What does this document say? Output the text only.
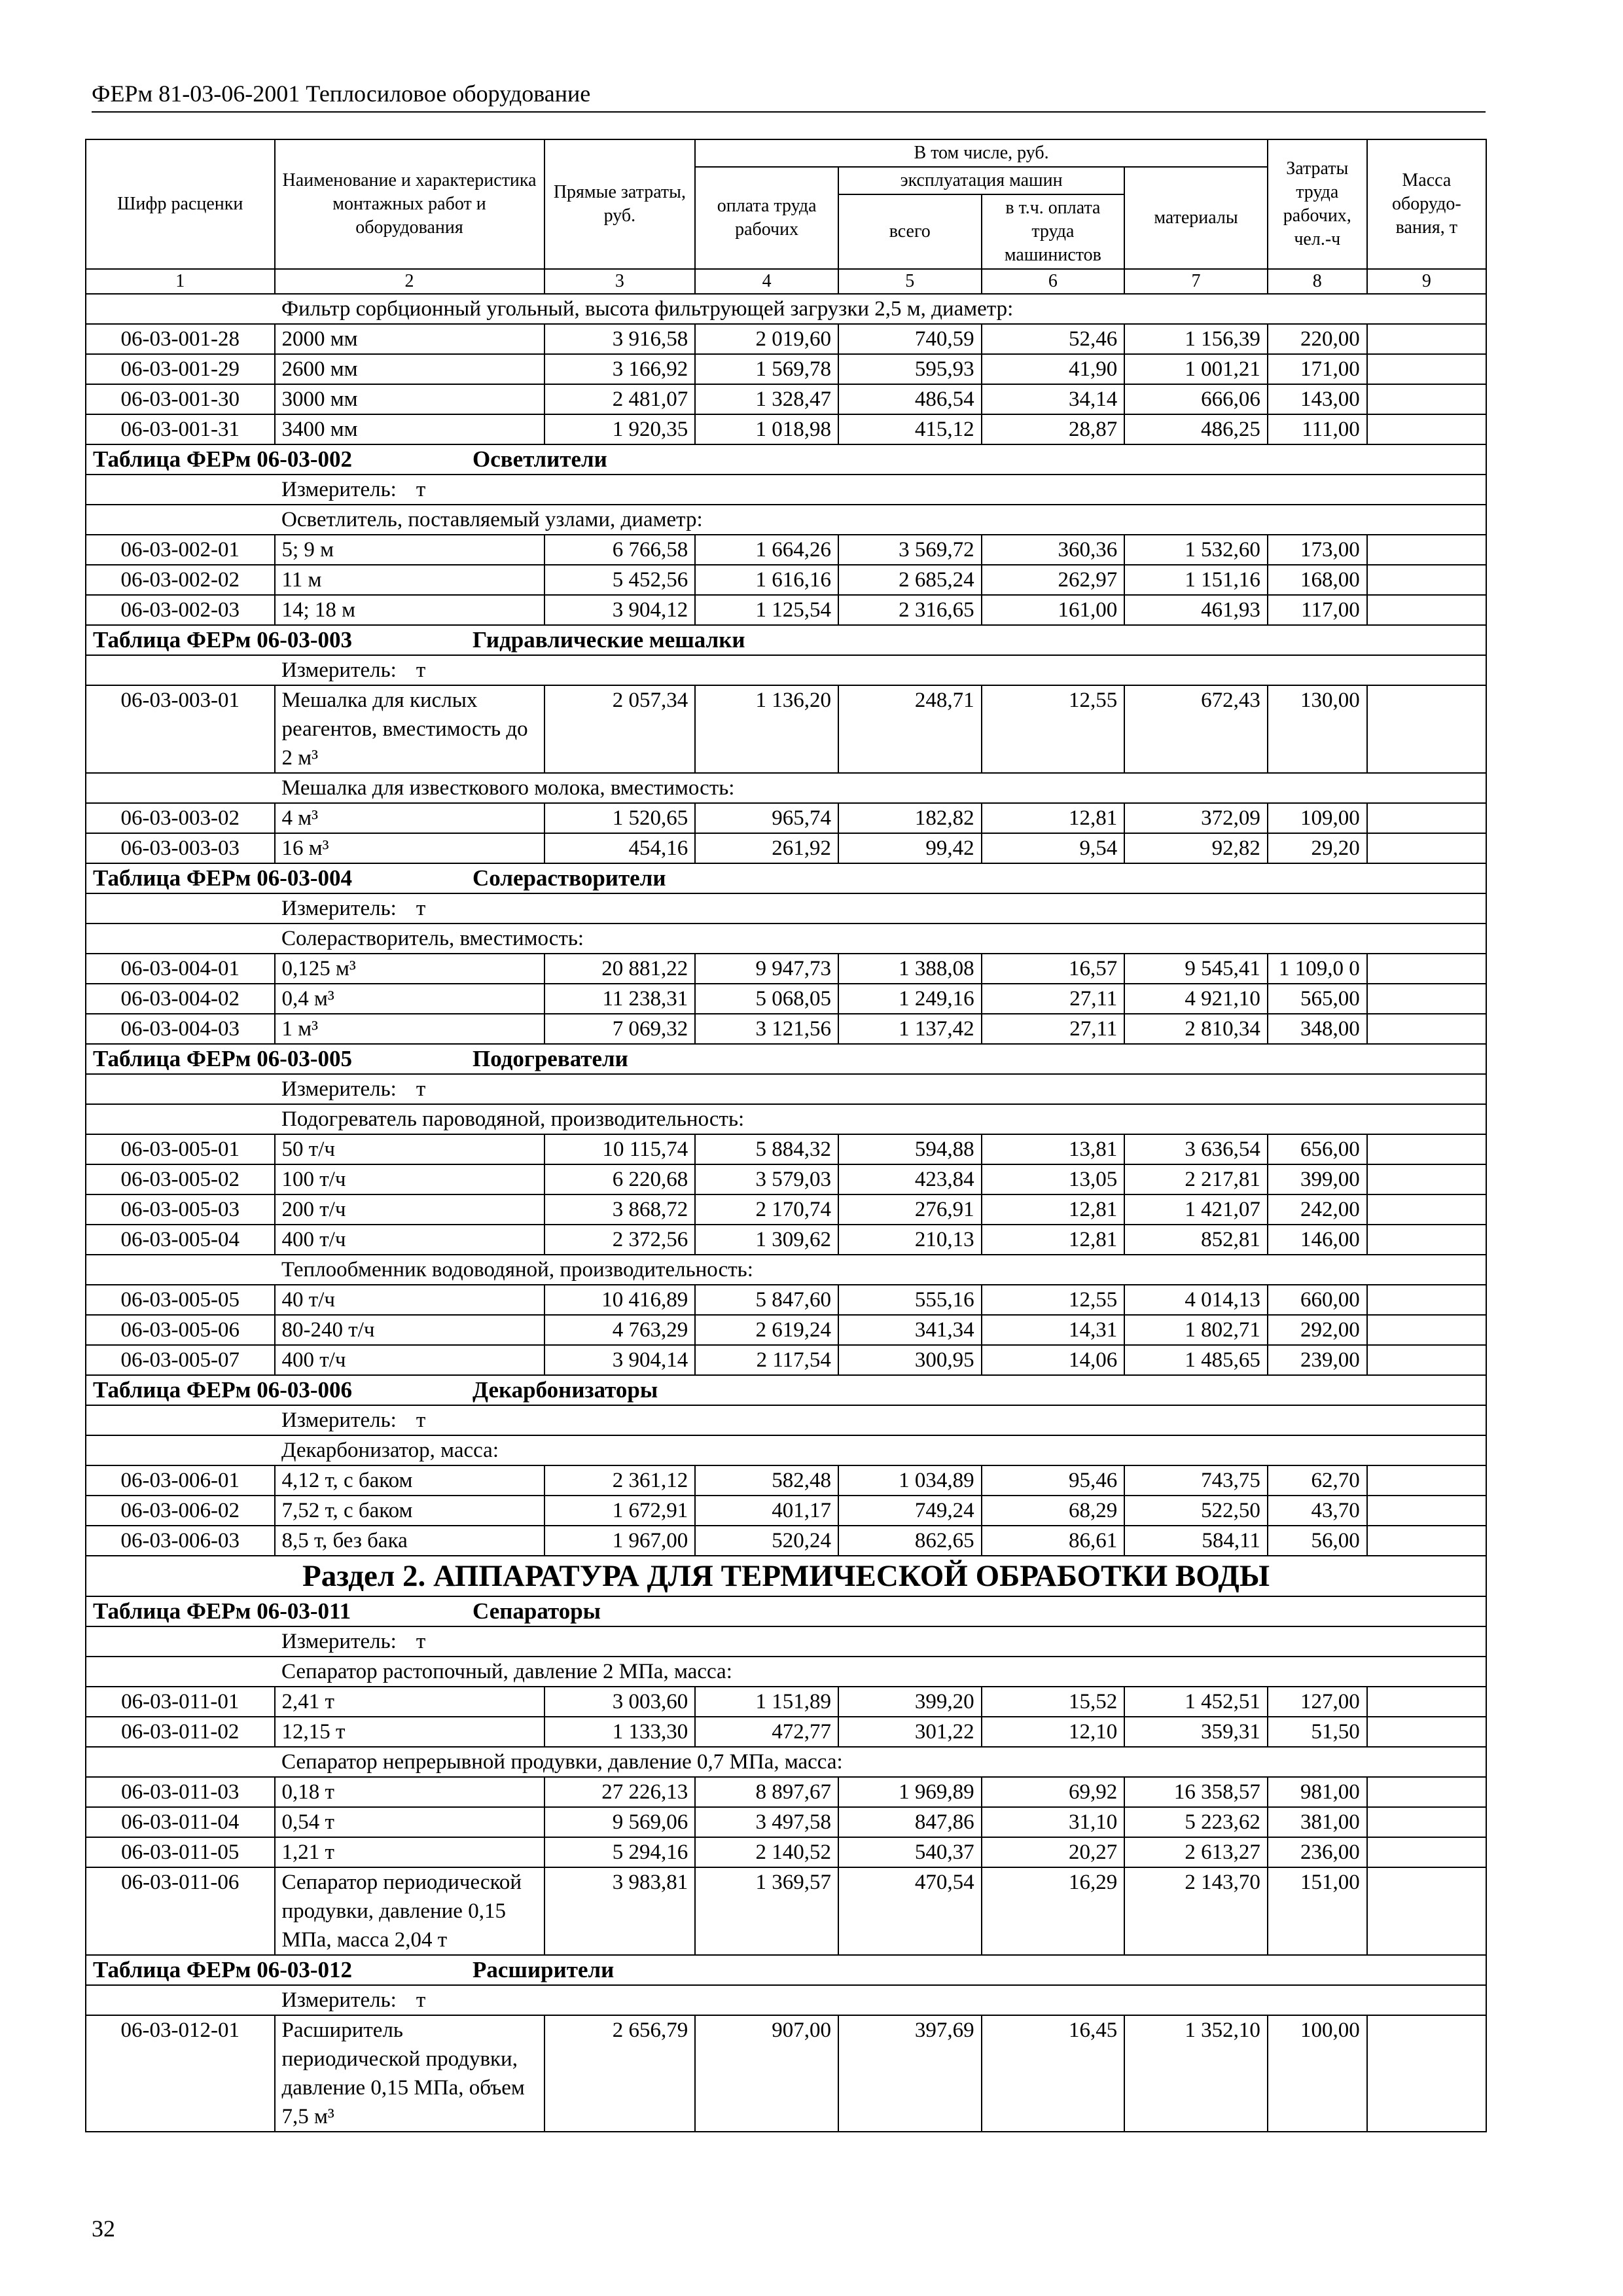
ФЕРм 81-03-06-2001 Теплосиловое оборудование
Шифр расценки	Наименование и характеристика монтажных работ и оборудования	Прямые затраты, руб.	В том числе, руб.				Затраты труда рабочих, чел.-ч	Масса оборудо-вания, т
			оплата труда рабочих	эксплуатация машин		материалы		
				всего	в т.ч. оплата труда машинистов			
1	2	3	4	5	6	7	8	9
Фильтр сорбционный угольный, высота фильтрующей загрузки 2,5 м, диаметр:								
06-03-001-28	2000 мм	3 916,58	2 019,60	740,59	52,46	1 156,39	220,00	
06-03-001-29	2600 мм	3 166,92	1 569,78	595,93	41,90	1 001,21	171,00	
06-03-001-30	3000 мм	2 481,07	1 328,47	486,54	34,14	666,06	143,00	
06-03-001-31	3400 мм	1 920,35	1 018,98	415,12	28,87	486,25	111,00	
Таблица ФЕРм 06-03-002 Осветлители								
Измеритель: т								
Осветлитель, поставляемый узлами, диаметр:								
06-03-002-01	5; 9 м	6 766,58	1 664,26	3 569,72	360,36	1 532,60	173,00	
06-03-002-02	11 м	5 452,56	1 616,16	2 685,24	262,97	1 151,16	168,00	
06-03-002-03	14; 18 м	3 904,12	1 125,54	2 316,65	161,00	461,93	117,00	
Таблица ФЕРм 06-03-003 Гидравлические мешалки								
Измеритель: т								
06-03-003-01	Мешалка для кислых реагентов, вместимость до 2 м³	2 057,34	1 136,20	248,71	12,55	672,43	130,00	
Мешалка для известкового молока, вместимость:								
06-03-003-02	4 м³	1 520,65	965,74	182,82	12,81	372,09	109,00	
06-03-003-03	16 м³	454,16	261,92	99,42	9,54	92,82	29,20	
Таблица ФЕРм 06-03-004 Солерастворители								
Измеритель: т								
Солерастворитель, вместимость:								
06-03-004-01	0,125 м³	20 881,22	9 947,73	1 388,08	16,57	9 545,41	1 109,0 0	
06-03-004-02	0,4 м³	11 238,31	5 068,05	1 249,16	27,11	4 921,10	565,00	
06-03-004-03	1 м³	7 069,32	3 121,56	1 137,42	27,11	2 810,34	348,00	
Таблица ФЕРм 06-03-005 Подогреватели								
Измеритель: т								
Подогреватель пароводяной, производительность:								
06-03-005-01	50 т/ч	10 115,74	5 884,32	594,88	13,81	3 636,54	656,00	
06-03-005-02	100 т/ч	6 220,68	3 579,03	423,84	13,05	2 217,81	399,00	
06-03-005-03	200 т/ч	3 868,72	2 170,74	276,91	12,81	1 421,07	242,00	
06-03-005-04	400 т/ч	2 372,56	1 309,62	210,13	12,81	852,81	146,00	
Теплообменник водоводяной, производительность:								
06-03-005-05	40 т/ч	10 416,89	5 847,60	555,16	12,55	4 014,13	660,00	
06-03-005-06	80-240 т/ч	4 763,29	2 619,24	341,34	14,31	1 802,71	292,00	
06-03-005-07	400 т/ч	3 904,14	2 117,54	300,95	14,06	1 485,65	239,00	
Таблица ФЕРм 06-03-006 Декарбонизаторы								
Измеритель: т								
Декарбонизатор, масса:								
06-03-006-01	4,12 т, с баком	2 361,12	582,48	1 034,89	95,46	743,75	62,70	
06-03-006-02	7,52 т, с баком	1 672,91	401,17	749,24	68,29	522,50	43,70	
06-03-006-03	8,5 т, без бака	1 967,00	520,24	862,65	86,61	584,11	56,00	
Раздел 2. АППАРАТУРА ДЛЯ ТЕРМИЧЕСКОЙ ОБРАБОТКИ ВОДЫ								
Таблица ФЕРм 06-03-011 Сепараторы								
Измеритель: т								
Сепаратор растопочный, давление 2 МПа, масса:								
06-03-011-01	2,41 т	3 003,60	1 151,89	399,20	15,52	1 452,51	127,00	
06-03-011-02	12,15 т	1 133,30	472,77	301,22	12,10	359,31	51,50	
Сепаратор непрерывной продувки, давление 0,7 МПа, масса:								
06-03-011-03	0,18 т	27 226,13	8 897,67	1 969,89	69,92	16 358,57	981,00	
06-03-011-04	0,54 т	9 569,06	3 497,58	847,86	31,10	5 223,62	381,00	
06-03-011-05	1,21 т	5 294,16	2 140,52	540,37	20,27	2 613,27	236,00	
06-03-011-06	Сепаратор периодической продувки, давление 0,15 МПа, масса 2,04 т	3 983,81	1 369,57	470,54	16,29	2 143,70	151,00	
Таблица ФЕРм 06-03-012 Расширители								
Измеритель: т								
06-03-012-01	Расширитель периодической продувки, давление 0,15 МПа, объем 7,5 м³	2 656,79	907,00	397,69	16,45	1 352,10	100,00	
32
